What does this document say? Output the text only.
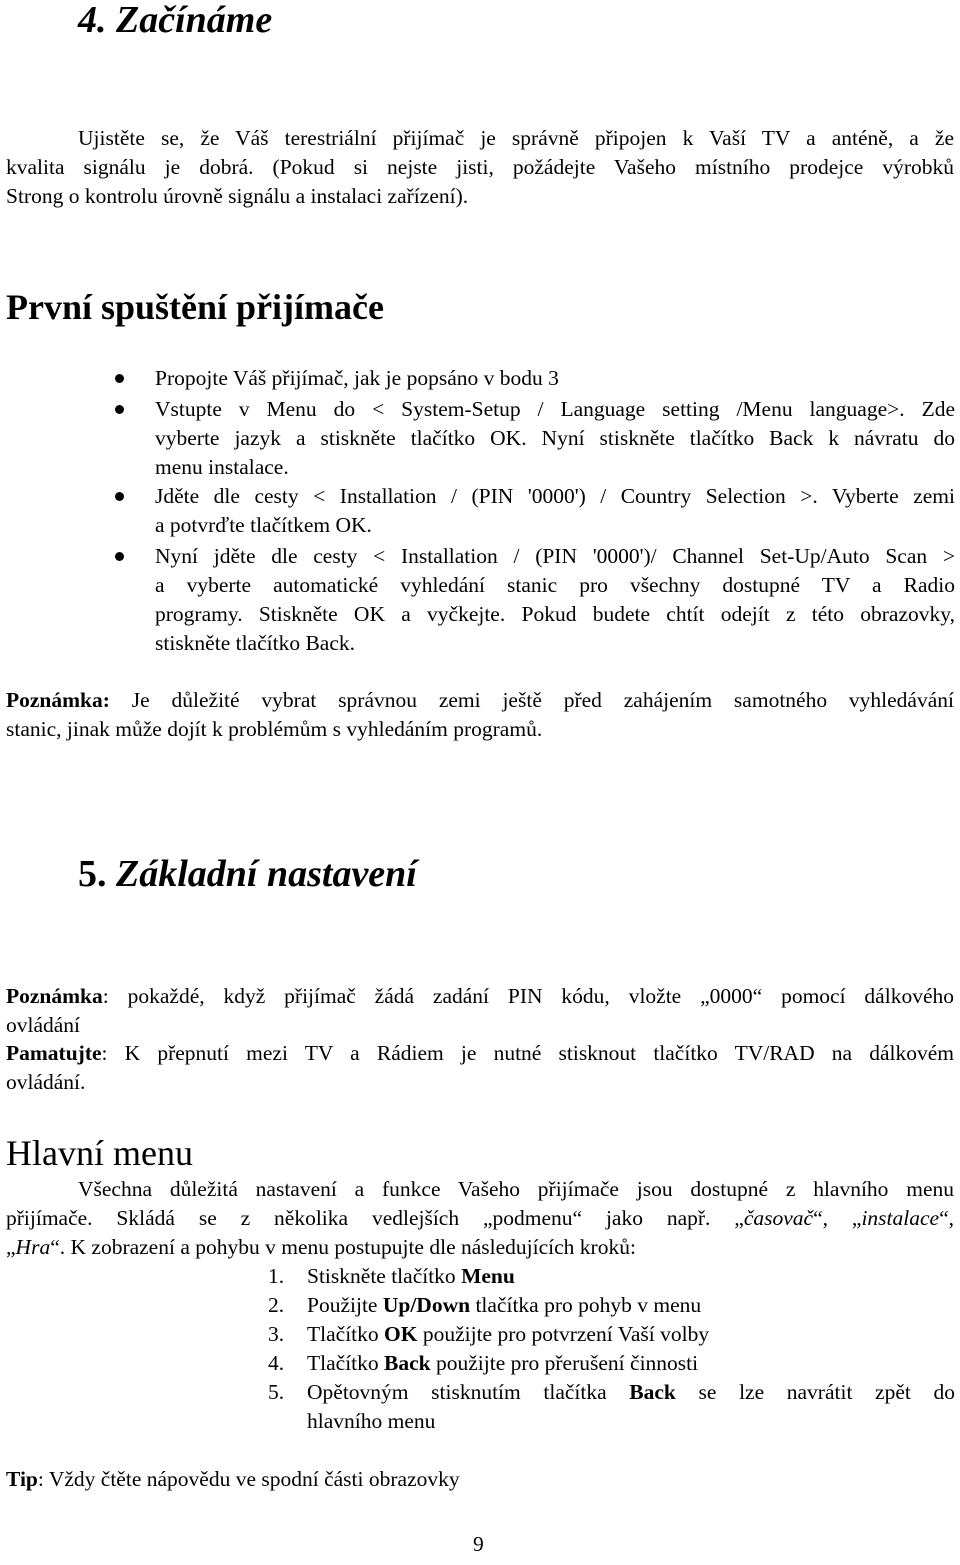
4. Začínáme
Ujistěte se, že Váš terestriální přijímač je správně připojen k Vaší TV a anténě, a že
kvalita signálu je dobrá. (Pokud si nejste jisti, požádejte Vašeho místního prodejce výrobků
Strong o kontrolu úrovně signálu a instalaci zařízení).
První spuštění přijímače
Propojte Váš přijímač, jak je popsáno v bodu 3
Vstupte v Menu do < System-Setup / Language setting /Menu language>. Zde
vyberte jazyk a stiskněte tlačítko OK. Nyní stiskněte tlačítko Back k návratu do
menu instalace.
Jděte dle cesty < Installation / (PIN '0000') / Country Selection >. Vyberte zemi
a potvrďte tlačítkem OK.
Nyní jděte dle cesty < Installation / (PIN '0000')/ Channel Set-Up/Auto Scan >
a vyberte automatické vyhledání stanic pro všechny dostupné TV a Radio
programy. Stiskněte OK a vyčkejte. Pokud budete chtít odejít z této obrazovky,
stiskněte tlačítko Back.
Poznámka: Je důležité vybrat správnou zemi ještě před zahájením samotného vyhledávání
stanic, jinak může dojít k problémům s vyhledáním programů.
5. Základní nastavení
Poznámka: pokaždé, když přijímač žádá zadání PIN kódu, vložte „0000“ pomocí dálkového
ovládání
Pamatujte: K přepnutí mezi TV a Rádiem je nutné stisknout tlačítko TV/RAD na dálkovém
ovládání.
Hlavní menu
Všechna důležitá nastavení a funkce Vašeho přijímače jsou dostupné z hlavního menu
přijímače. Skládá se z několika vedlejších „podmenu“ jako např. „časovač“, „instalace“,
„Hra“. K zobrazení a pohybu v menu postupujte dle následujících kroků:
1. Stiskněte tlačítko Menu
2. Použijte Up/Down tlačítka pro pohyb v menu
3. Tlačítko OK použijte pro potvrzení Vaší volby
4. Tlačítko Back použijte pro přerušení činnosti
5. Opětovným stisknutím tlačítka Back se lze navrátit zpět do
hlavního menu
Tip: Vždy čtěte nápovědu ve spodní části obrazovky
9
